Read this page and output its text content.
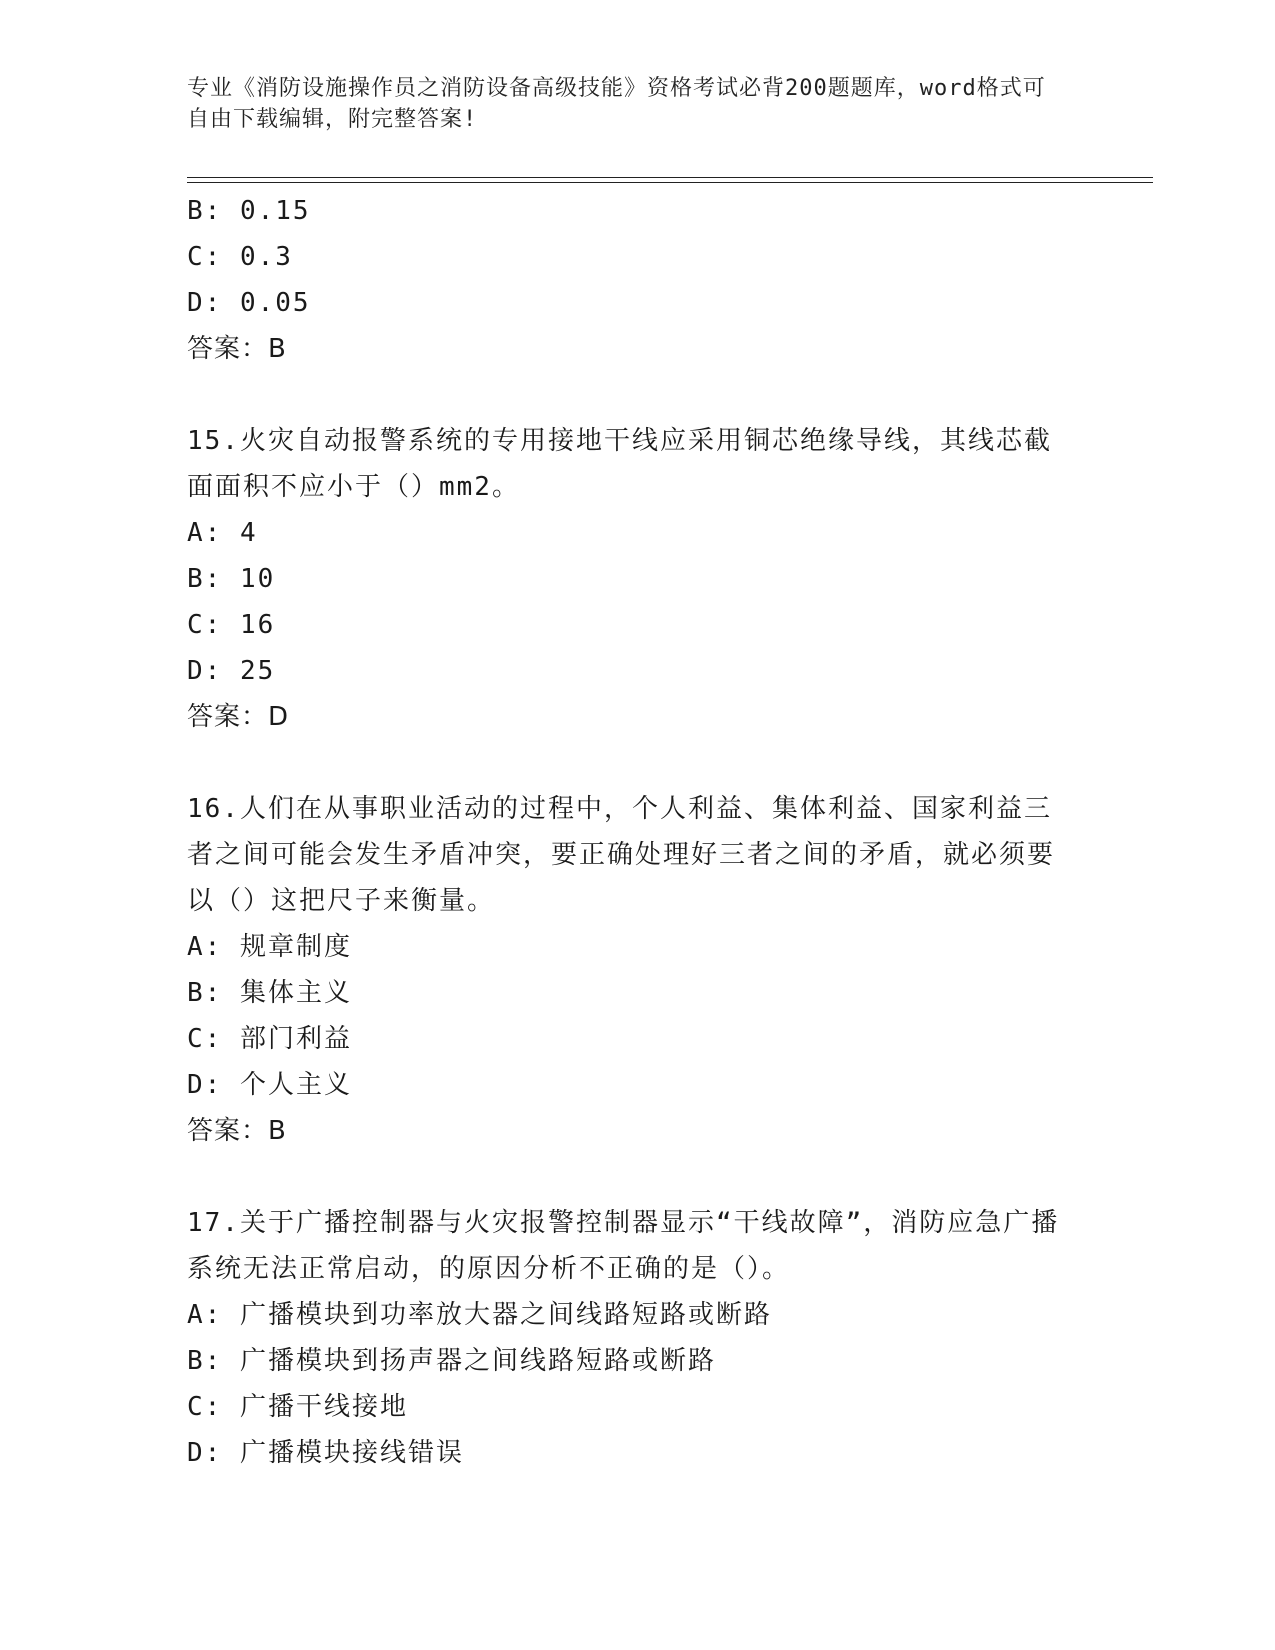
专业《消防设施操作员之消防设备高级技能》资格考试必背200题题库，word格式可自由下载编辑，附完整答案!
B: 0.15
C: 0.3
D: 0.05
答案：B
15.火灾自动报警系统的专用接地干线应采用铜芯绝缘导线，其线芯截面面积不应小于（）mm2。
A: 4
B: 10
C: 16
D: 25
答案：D
16.人们在从事职业活动的过程中，个人利益、集体利益、国家利益三者之间可能会发生矛盾冲突，要正确处理好三者之间的矛盾，就必须要以（）这把尺子来衡量。
A: 规章制度
B: 集体主义
C: 部门利益
D: 个人主义
答案：B
17.关于广播控制器与火灾报警控制器显示“干线故障”，消防应急广播系统无法正常启动，的原因分析不正确的是（）。
A: 广播模块到功率放大器之间线路短路或断路
B: 广播模块到扬声器之间线路短路或断路
C: 广播干线接地
D: 广播模块接线错误
